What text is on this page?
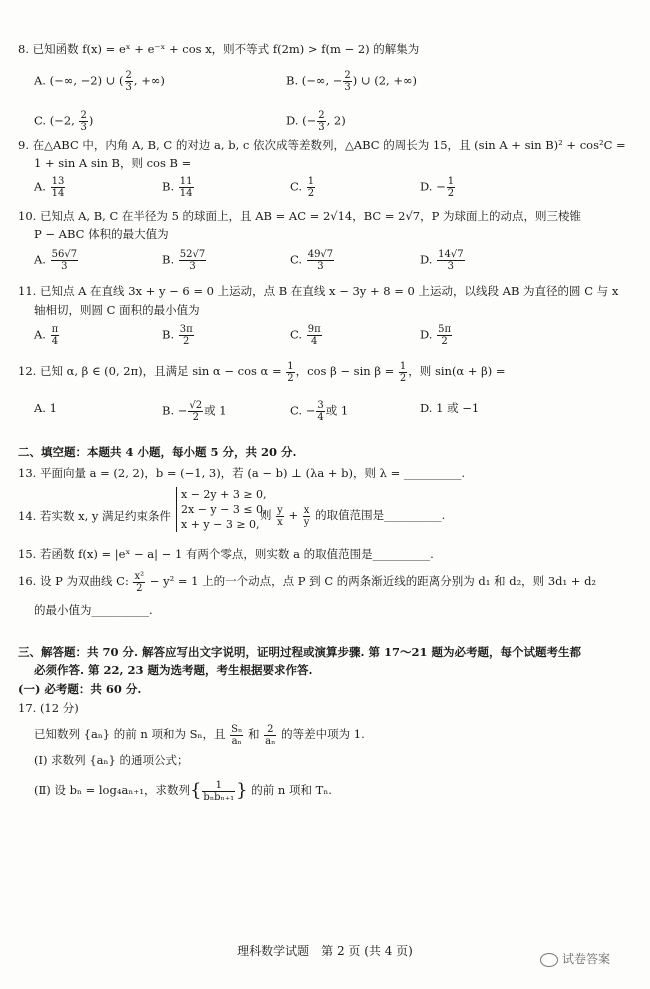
8. 已知函数 f(x) = eˣ + e⁻ˣ + cos x，则不等式 f(2m) > f(m − 2) 的解集为
A. (−∞, −2) ∪ ( $\frac{2}{3}$ , +∞)	B. (−∞, − $\frac{2}{3}$ ) ∪ (2, +∞)
C. (−2, $\frac{2}{3}$ )	D. (− $\frac{2}{3}$ , 2)
9. 在△ABC 中，内角 A, B, C 的对边 a, b, c 依次成等差数列，△ABC 的周长为 15，且 (sin A + sin B)² + cos²C =
1 + sin A sin B，则 cos B =
A. $\frac{13}{14}$	B. $\frac{11}{14}$	C. $\frac{1}{2}$	D. − $\frac{1}{2}$
10. 已知点 A, B, C 在半径为 5 的球面上，且 AB = AC = 2√14，BC = 2√7，P 为球面上的动点，则三棱锥
P − ABC 体积的最大值为
A. $\frac{56√7}{3}$	B. $\frac{52√7}{3}$	C. $\frac{49√7}{3}$	D. $\frac{14√7}{3}$
11. 已知点 A 在直线 3x + y − 6 = 0 上运动，点 B 在直线 x − 3y + 8 = 0 上运动，以线段 AB 为直径的圆 C 与 x
轴相切，则圆 C 面积的最小值为
A. $\frac{\pi}{4}$	B. $\frac{3\pi}{2}$	C. $\frac{9\pi}{4}$	D. $\frac{5\pi}{2}$
12. 已知 α, β ∈ (0, 2π)，且满足 $\sin \alpha - \cos \alpha = \frac{1}{2}$ ，$\cos \beta - \sin \beta = \frac{1}{2}$ ，则 sin(α + β) =
A. 1	B. − $\frac{√2}{2}$ 或 1	C. − $\frac{3}{4}$ 或 1	D. 1 或 −1
二、填空题：本题共 4 小题，每小题 5 分，共 20 分.
13. 平面向量 a = (2, 2)，b = (−1, 3)，若 (a − b) ⊥ (λa + b)，则 λ = __________.
14. 若实数 x, y 满足约束条件
x − 2y + 3 ≥ 0,
2x − y − 3 ≤ 0,
x + y − 3 ≥ 0,
则 $\frac{y}{x} + \frac{x}{y}$ 的取值范围是__________.
15. 若函数 f(x) = |eˣ − a| − 1 有两个零点，则实数 a 的取值范围是__________.
16. 设 P 为双曲线 C: $\frac{\text{x²}}{2} - y^2 = 1$ 上的一个动点，点 P 到 C 的两条渐近线的距离分别为 d₁ 和 d₂，则 3d₁ + d₂
的最小值为__________.
三、解答题：共 70 分. 解答应写出文字说明，证明过程或演算步骤. 第 17～21 题为必考题，每个试题考生都
必须作答. 第 22, 23 题为选考题，考生根据要求作答.
(一) 必考题：共 60 分.
17. (12 分)
已知数列 {aₙ} 的前 n 项和为 Sₙ，且 $\frac{\text{Sₙ}}{\text{aₙ}}$ 和 $\frac{2}{\text{aₙ}}$ 的等差中项为 1.
(Ⅰ) 求数列 {aₙ} 的通项公式；
(Ⅱ) 设 bₙ = log₄aₙ₊₁，求数列{ $\frac{1}{\text{bₙbₙ₊₁}}$ } 的前 n 项和 Tₙ.
理科数学试题　第 2 页 (共 4 页)
试卷答案
